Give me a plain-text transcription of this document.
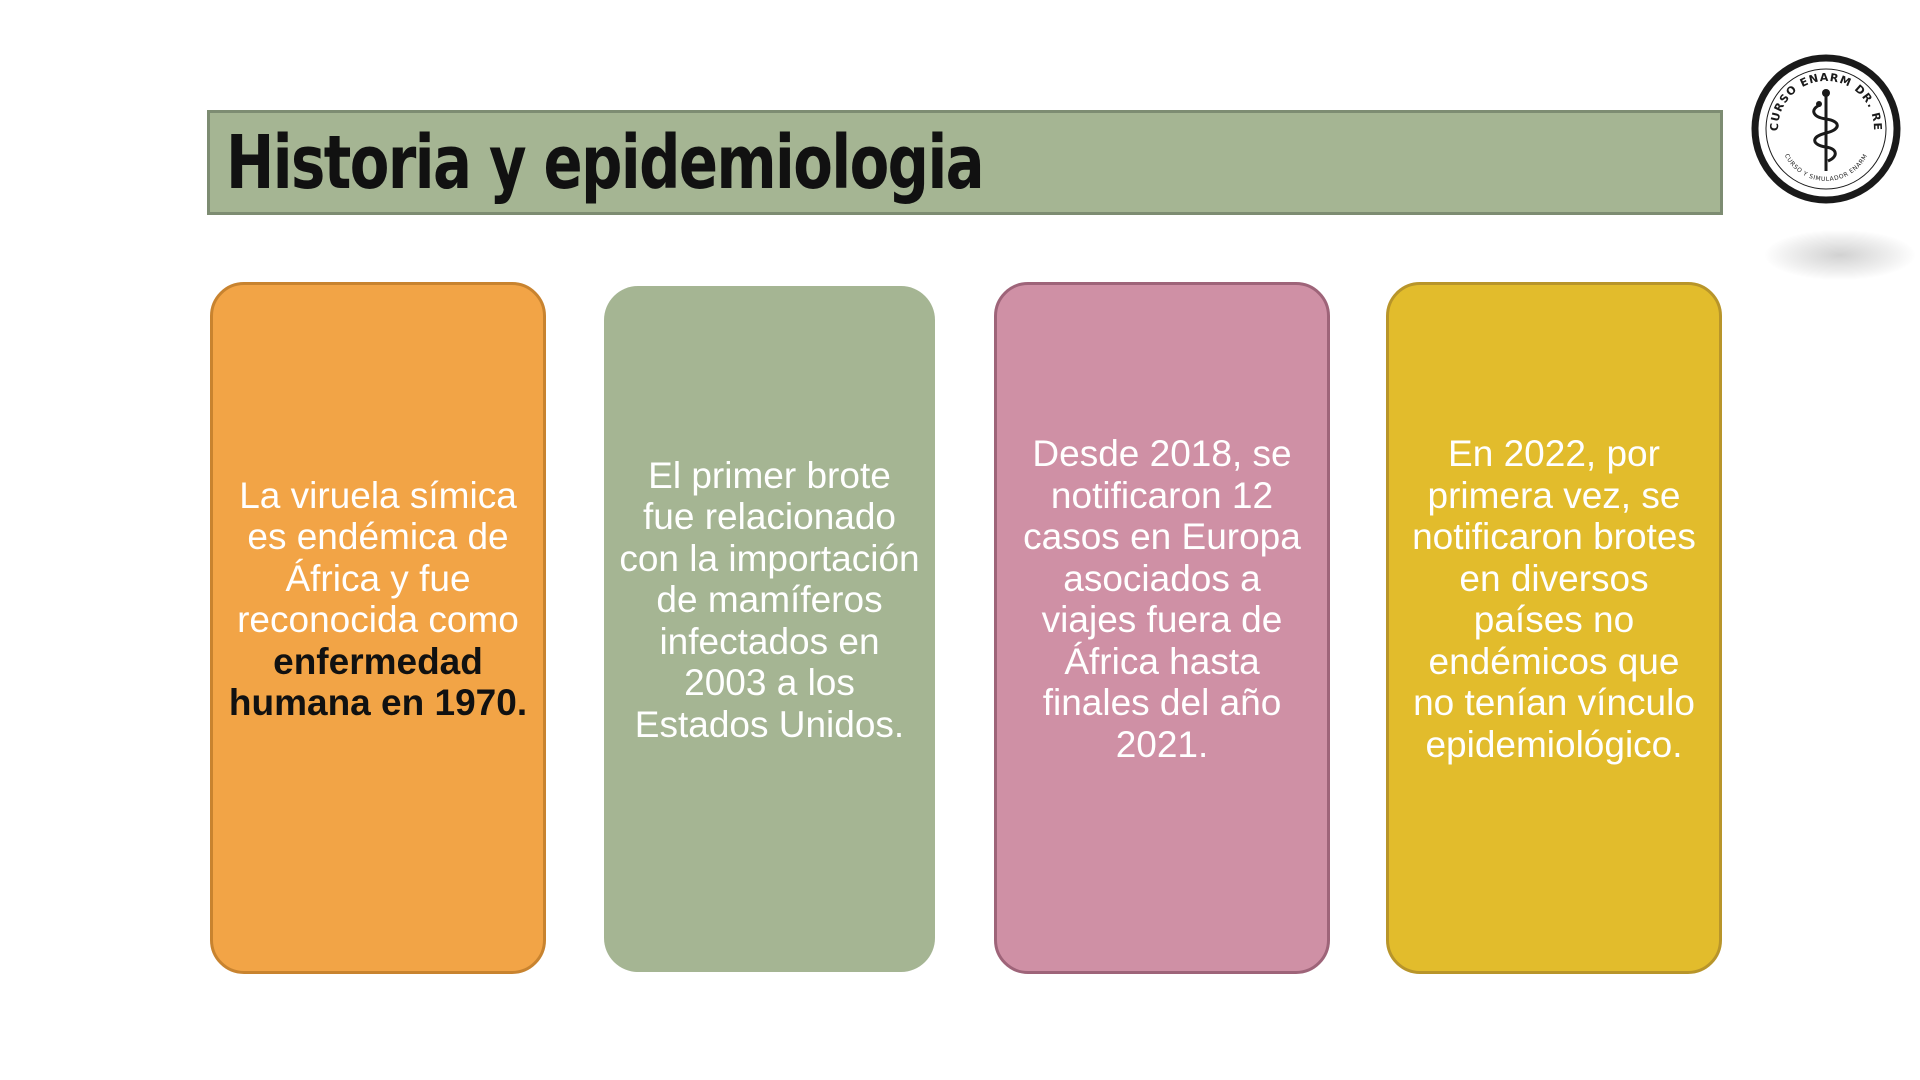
Historia y epidemiologia	CURSO ENARM DR. RE
CURSO Y SIMULADOR ENARM
La viruela símica es endémica de África y fue reconocida como enfermedad humana en 1970.
El primer brote fue relacionado con la importación de mamíferos infectados en 2003 a los Estados Unidos.
Desde 2018, se notificaron 12 casos en Europa asociados a viajes fuera de África hasta finales del año 2021.
En 2022, por primera vez, se notificaron brotes en diversos países no endémicos que no tenían vínculo epidemiológico.
